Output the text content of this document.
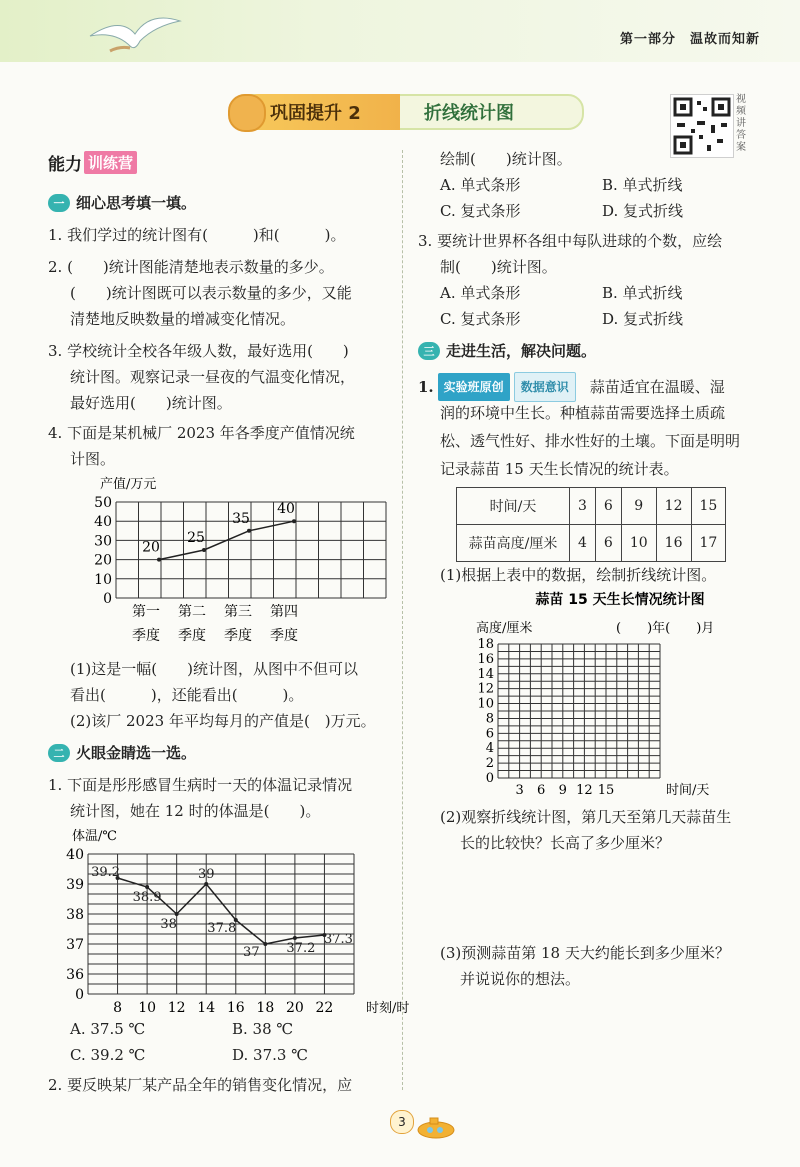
第一部分　温故而知新
巩固提升 2	折线统计图
视频讲答案
能力 训练营
一 细心思考填一填。
1. 我们学过的统计图有(　　　)和(　　　)。
2. (　　)统计图能清楚地表示数量的多少。
(　　)统计图既可以表示数量的多少，又能
清楚地反映数量的增减变化情况。
3. 学校统计全校各年级人数，最好选用(　　)
统计图。观察记录一昼夜的气温变化情况，
最好选用(　　)统计图。
4. 下面是某机械厂 2023 年各季度产值情况统
计图。
产值/万元
0
10
20
30
40
50
20
25
35
40
第一
季度
第二
季度
第三
季度
第四
季度
(1)这是一幅(　　)统计图，从图中不但可以
看出(　　　)，还能看出(　　　)。
(2)该厂 2023 年平均每月的产值是(　)万元。
二 火眼金睛选一选。
1. 下面是彤彤感冒生病时一天的体温记录情况
统计图，她在 12 时的体温是(　　)。
体温/℃
0
36
37
38
39
40
39.2
38.9
38
39
37.8
37 37.2
37.3
8 10 12 14 16 18 20 22	时刻/时
A. 37.5 ℃	B. 38 ℃
C. 39.2 ℃	D. 37.3 ℃
2. 要反映某厂某产品全年的销售变化情况，应
绘制(　　)统计图。
A. 单式条形	B. 单式折线
C. 复式条形	D. 复式折线
3. 要统计世界杯各组中每队进球的个数，应绘
制(　　)统计图。
A. 单式条形	B. 单式折线
C. 复式条形	D. 复式折线
三 走进生活，解决问题。
1. 实验班原创	数据意识	蒜苗适宜在温暖、湿
润的环境中生长。种植蒜苗需要选择土质疏
松、透气性好、排水性好的土壤。下面是明明
记录蒜苗 15 天生长情况的统计表。
时间/天	3	6	9	12	15
蒜苗高度/厘米	4	6	10	16	17
(1)根据上表中的数据，绘制折线统计图。
蒜苗 15 天生长情况统计图
高度/厘米	(　　)年(　　)月
0
2
4
6
8
10
12
14
16
18
3 6 9 12 15	时间/天
(2)观察折线统计图，第几天至第几天蒜苗生
长的比较快？长高了多少厘米？
(3)预测蒜苗第 18 天大约能长到多少厘米？
并说说你的想法。
3
